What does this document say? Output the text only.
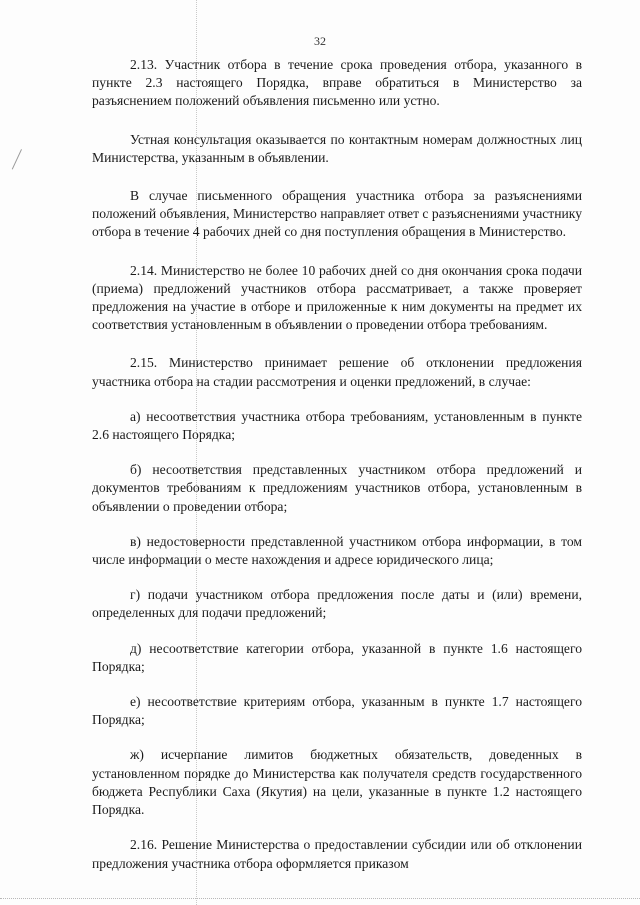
32

2.13. Участник отбора в течение срока проведения отбора, указанного в пункте 2.3 настоящего Порядка, вправе обратиться в Министерство за разъяснением положений объявления письменно или устно.

Устная консультация оказывается по контактным номерам должностных лиц Министерства, указанным в объявлении.

В случае письменного обращения участника отбора за разъяснениями положений объявления, Министерство направляет ответ с разъяснениями участнику отбора в течение 4 рабочих дней со дня поступления обращения в Министерство.

2.14. Министерство не более 10 рабочих дней со дня окончания срока подачи (приема) предложений участников отбора рассматривает, а также проверяет предложения на участие в отборе и приложенные к ним документы на предмет их соответствия установленным в объявлении о проведении отбора требованиям.

2.15. Министерство принимает решение об отклонении предложения участника отбора на стадии рассмотрения и оценки предложений, в случае:

а) несоответствия участника отбора требованиям, установленным в пункте 2.6 настоящего Порядка;

б) несоответствия представленных участником отбора предложений и документов требованиям к предложениям участников отбора, установленным в объявлении о проведении отбора;

в) недостоверности представленной участником отбора информации, в том числе информации о месте нахождения и адресе юридического лица;

г) подачи участником отбора предложения после даты и (или) времени, определенных для подачи предложений;

д) несоответствие категории отбора, указанной в пункте 1.6 настоящего Порядка;

е) несоответствие критериям отбора, указанным в пункте 1.7 настоящего Порядка;

ж) исчерпание лимитов бюджетных обязательств, доведенных в установленном порядке до Министерства как получателя средств государственного бюджета Республики Саха (Якутия) на цели, указанные в пункте 1.2 настоящего Порядка.

2.16. Решение Министерства о предоставлении субсидии или об отклонении предложения участника отбора оформляется приказом
